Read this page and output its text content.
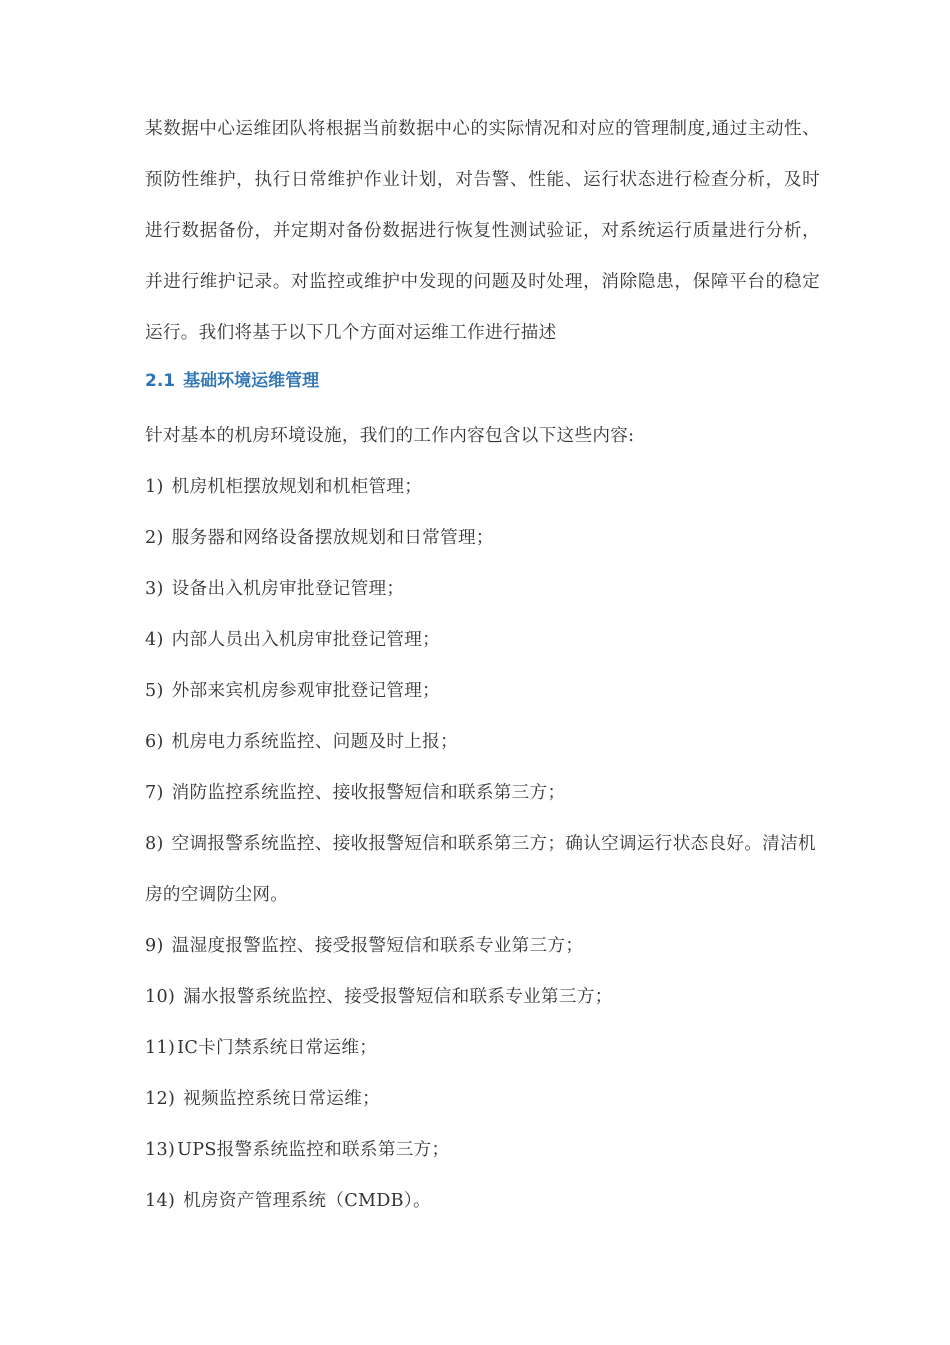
某数据中心运维团队将根据当前数据中心的实际情况和对应的管理制度,通过主动性、预防性维护，执行日常维护作业计划，对告警、性能、运行状态进行检查分析，及时进行数据备份，并定期对备份数据进行恢复性测试验证，对系统运行质量进行分析，并进行维护记录。对监控或维护中发现的问题及时处理，消除隐患，保障平台的稳定运行。我们将基于以下几个方面对运维工作进行描述

2.1 基础环境运维管理

针对基本的机房环境设施，我们的工作内容包含以下这些内容:

1) 机房机柜摆放规划和机柜管理；
2) 服务器和网络设备摆放规划和日常管理；
3) 设备出入机房审批登记管理；
4) 内部人员出入机房审批登记管理；
5) 外部来宾机房参观审批登记管理；
6) 机房电力系统监控、问题及时上报；
7) 消防监控系统监控、接收报警短信和联系第三方；
8) 空调报警系统监控、接收报警短信和联系第三方；确认空调运行状态良好。清洁机房的空调防尘网。
9) 温湿度报警监控、接受报警短信和联系专业第三方；
10) 漏水报警系统监控、接受报警短信和联系专业第三方；
11) IC卡门禁系统日常运维；
12) 视频监控系统日常运维；
13) UPS报警系统监控和联系第三方；
14) 机房资产管理系统（CMDB）。
